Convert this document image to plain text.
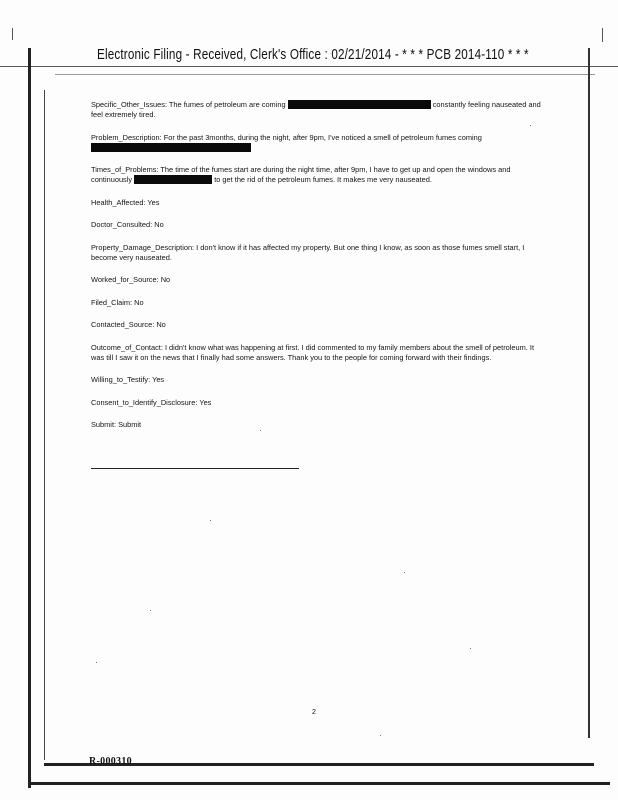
Electronic Filing - Received, Clerk's Office : 02/21/2014 - * * * PCB 2014-110 * * *
Specific_Other_Issues: The fumes of petroleum are coming	constantly feeling nauseated and feel extremely tired.
Problem_Description: For the past 3months, during the night, after 9pm, I've noticed a smell of petroleum fumes coming

Times_of_Problems: The time of the fumes start are during the night time, after 9pm, I have to get up and open the windows and continuously	to get the rid of the petroleum fumes. It makes me very nauseated.
Health_Affected: Yes
Doctor_Consulted: No
Property_Damage_Description: I don't know if it has affected my property. But one thing I know, as soon as those fumes smell start, I become very nauseated.
Worked_for_Source: No
Filed_Claim: No
Contacted_Source: No
Outcome_of_Contact: I didn't know what was happening at first. I did commented to my family members about the smell of petroleum. It was till I saw it on the news that I finally had some answers. Thank you to the people for coming forward with their findings.
Willing_to_Testify: Yes
Consent_to_Identify_Disclosure: Yes
Submit: Submit
2
R-000310
